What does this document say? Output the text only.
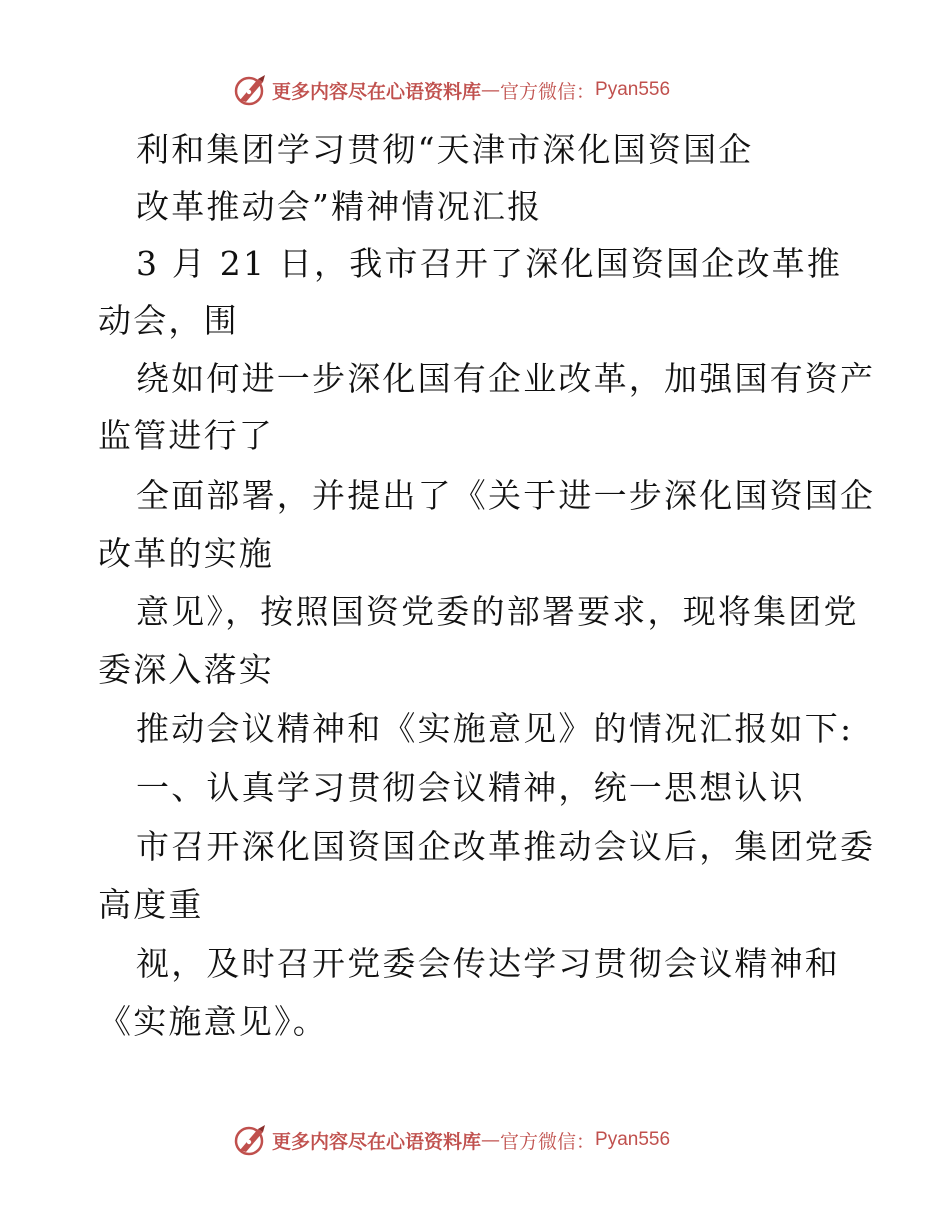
更多内容尽在心语资料库 — 官方微信： Pyan556
利和集团学习贯彻“天津市深化国资国企
改革推动会”精神情况汇报
3 月 21 日，我市召开了深化国资国企改革推
动会，围
绕如何进一步深化国有企业改革，加强国有资产
监管进行了
全面部署，并提出了《关于进一步深化国资国企
改革的实施
意见》，按照国资党委的部署要求，现将集团党
委深入落实
推动会议精神和《实施意见》的情况汇报如下:
一、认真学习贯彻会议精神，统一思想认识
市召开深化国资国企改革推动会议后，集团党委
高度重
视，及时召开党委会传达学习贯彻会议精神和
《实施意见》。
更多内容尽在心语资料库 — 官方微信： Pyan556
